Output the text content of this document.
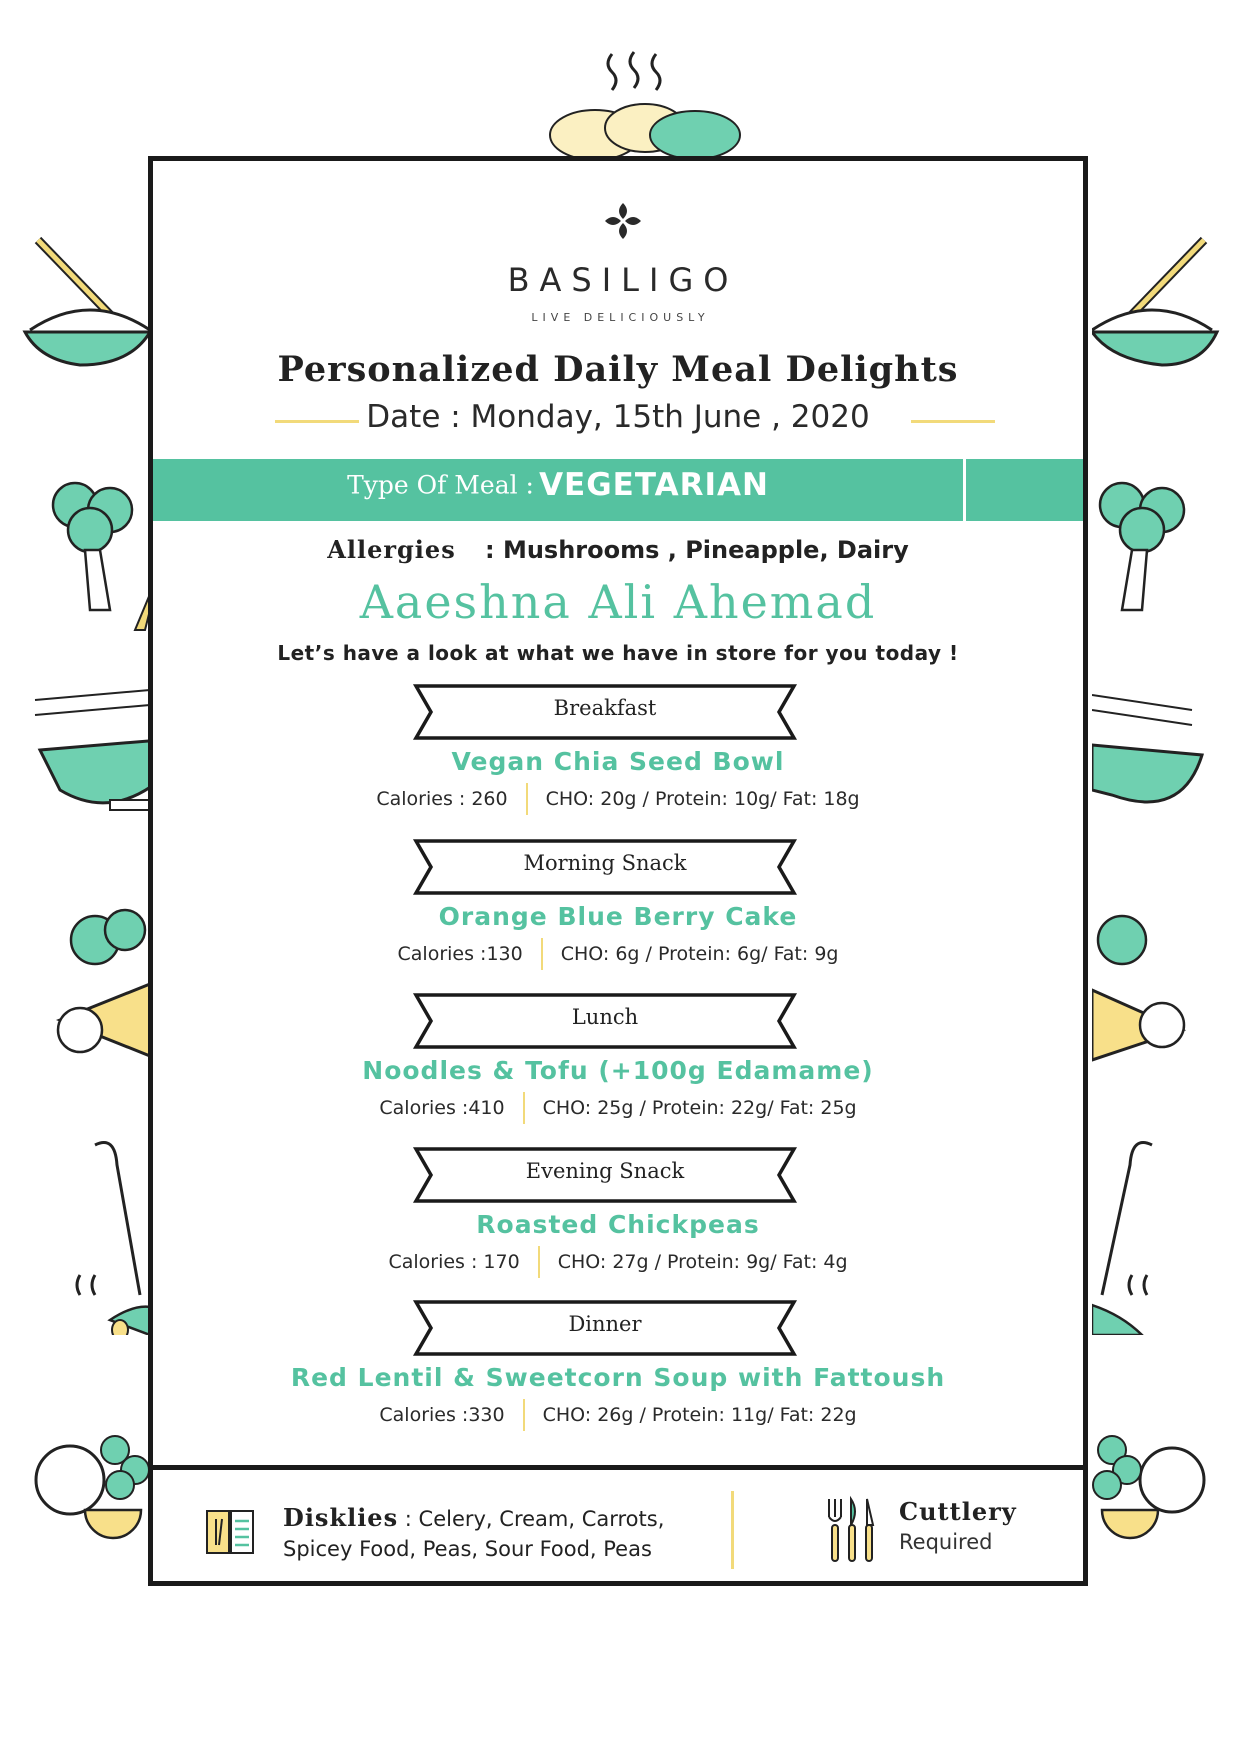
BASILIGO
LIVE DELICIOUSLY
Personalized Daily Meal Delights
Date : Monday, 15th June , 2020
Type Of Meal : VEGETARIAN
Allergies : Mushrooms , Pineapple, Dairy
Aaeshna Ali Ahemad
Let’s have a look at what we have in store for you today !
Breakfast
Vegan Chia Seed Bowl
Calories : 260 CHO: 20g / Protein: 10g/ Fat: 18g
Morning Snack
Orange Blue Berry Cake
Calories :130 CHO: 6g / Protein: 6g/ Fat: 9g
Lunch
Noodles & Tofu (+100g Edamame)
Calories :410 CHO: 25g / Protein: 22g/ Fat: 25g
Evening Snack
Roasted Chickpeas
Calories : 170 CHO: 27g / Protein: 9g/ Fat: 4g
Dinner
Red Lentil & Sweetcorn Soup with Fattoush
Calories :330 CHO: 26g / Protein: 11g/ Fat: 22g
Disklies : Celery, Cream, Carrots,
Spicey Food, Peas, Sour Food, Peas
Cuttlery
Required
